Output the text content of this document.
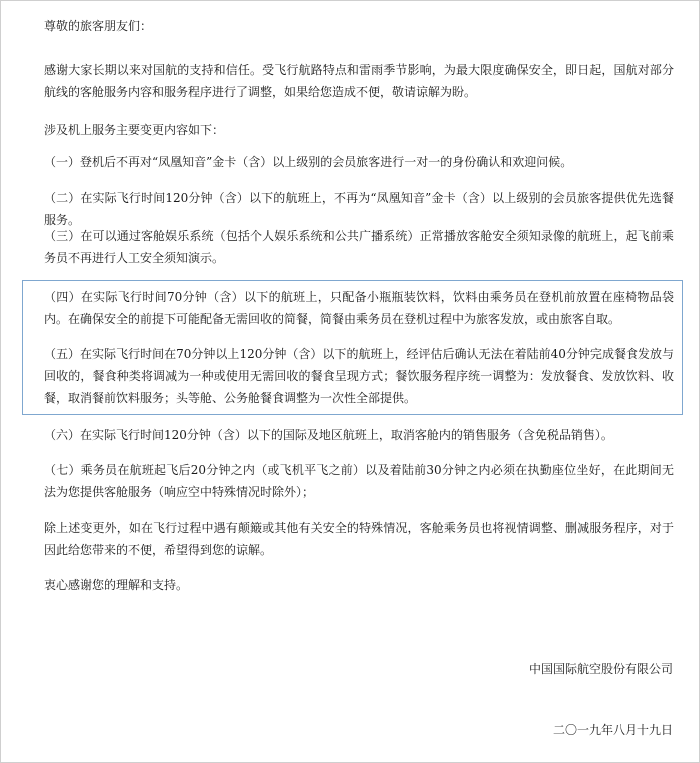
尊敬的旅客朋友们：

感谢大家长期以来对国航的支持和信任。受飞行航路特点和雷雨季节影响，为最大限度确保安全，即日起，国航对部分航线的客舱服务内容和服务程序进行了调整，如果给您造成不便，敬请谅解为盼。

涉及机上服务主要变更内容如下：

（一）登机后不再对“凤凰知音”金卡（含）以上级别的会员旅客进行一对一的身份确认和欢迎问候。

（二）在实际飞行时间120分钟（含）以下的航班上，不再为“凤凰知音”金卡（含）以上级别的会员旅客提供优先选餐服务。

（三）在可以通过客舱娱乐系统（包括个人娱乐系统和公共广播系统）正常播放客舱安全须知录像的航班上，起飞前乘务员不再进行人工安全须知演示。

（四）在实际飞行时间70分钟（含）以下的航班上，只配备小瓶瓶装饮料，饮料由乘务员在登机前放置在座椅物品袋内。在确保安全的前提下可能配备无需回收的简餐，简餐由乘务员在登机过程中为旅客发放，或由旅客自取。

（五）在实际飞行时间在70分钟以上120分钟（含）以下的航班上，经评估后确认无法在着陆前40分钟完成餐食发放与回收的，餐食种类将调减为一种或使用无需回收的餐食呈现方式；餐饮服务程序统一调整为：发放餐食、发放饮料、收餐，取消餐前饮料服务；头等舱、公务舱餐食调整为一次性全部提供。

（六）在实际飞行时间120分钟（含）以下的国际及地区航班上，取消客舱内的销售服务（含免税品销售）。

（七）乘务员在航班起飞后20分钟之内（或飞机平飞之前）以及着陆前30分钟之内必须在执勤座位坐好，在此期间无法为您提供客舱服务（响应空中特殊情况时除外）；

除上述变更外，如在飞行过程中遇有颠簸或其他有关安全的特殊情况，客舱乘务员也将视情调整、删减服务程序，对于因此给您带来的不便，希望得到您的谅解。

衷心感谢您的理解和支持。

中国国际航空股份有限公司
二〇一九年八月十九日
